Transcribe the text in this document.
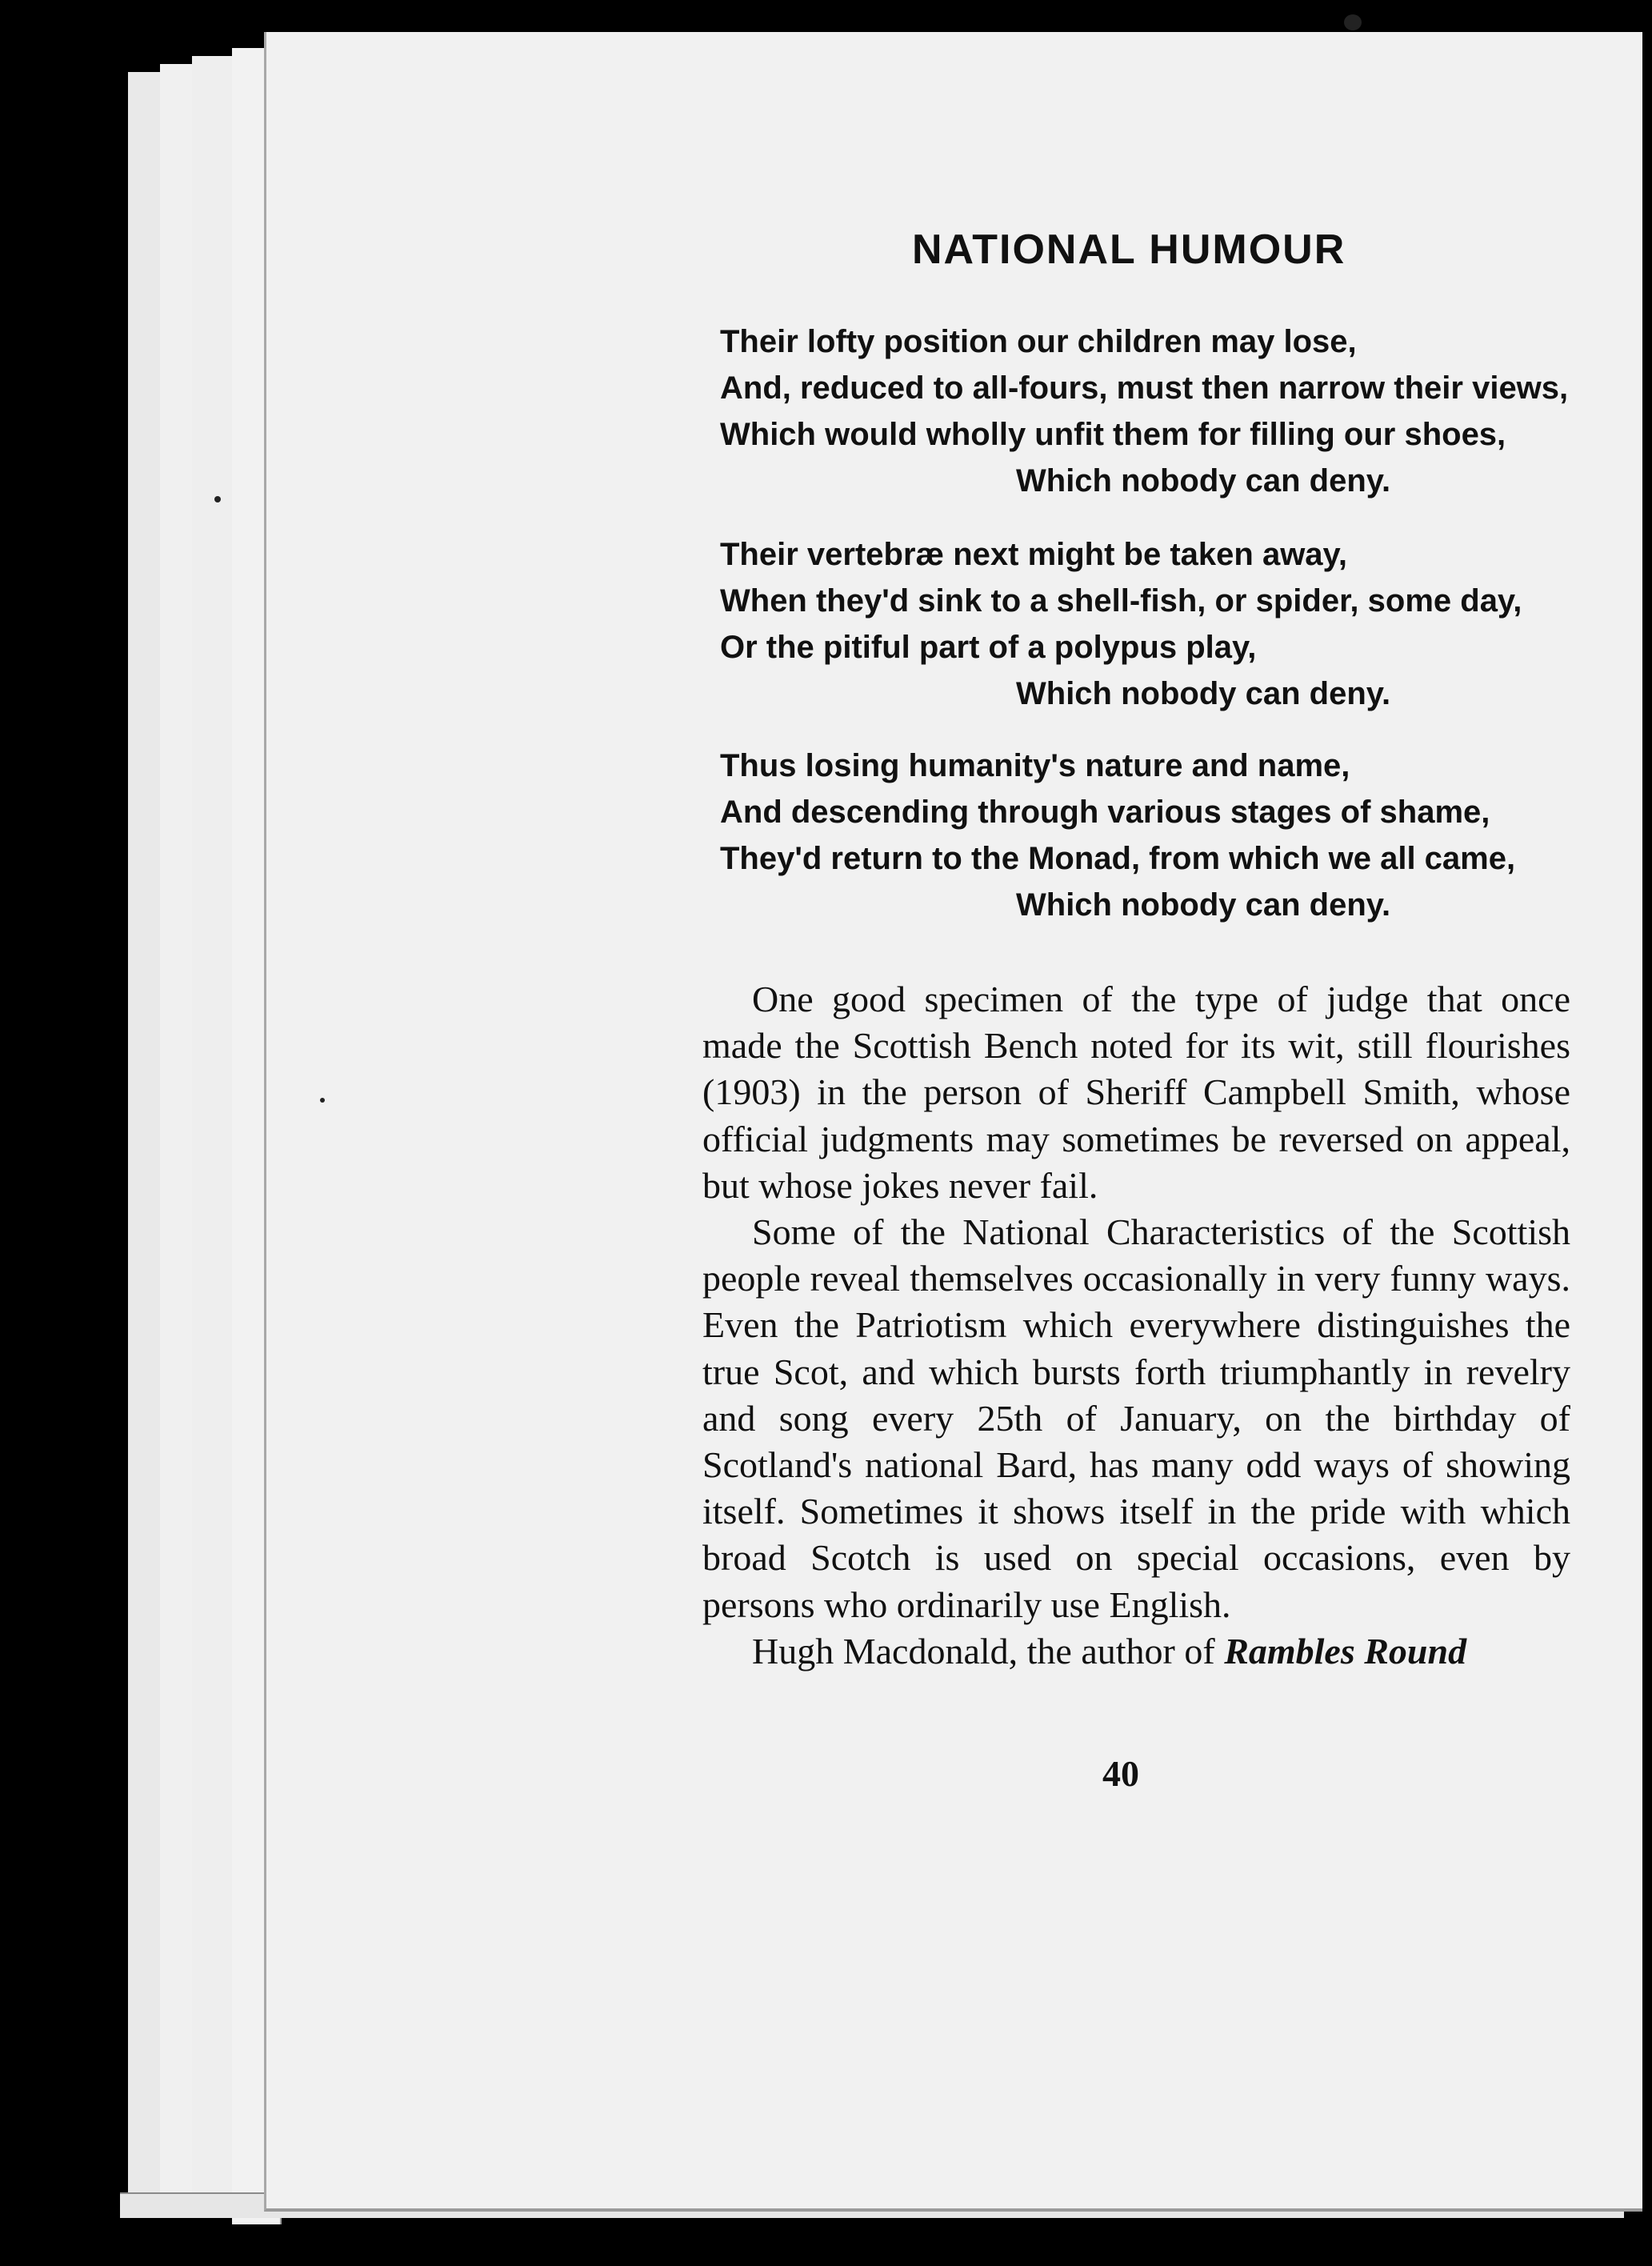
NATIONAL HUMOUR
Their lofty position our children may lose,
And, reduced to all-fours, must then narrow their views,
Which would wholly unfit them for filling our shoes,
Which nobody can deny.
Their vertebræ next might be taken away,
When they'd sink to a shell-fish, or spider, some day,
Or the pitiful part of a polypus play,
Which nobody can deny.
Thus losing humanity's nature and name,
And descending through various stages of shame,
They'd return to the Monad, from which we all came,
Which nobody can deny.

One good specimen of the type of judge that once made the Scottish Bench noted for its wit, still flourishes (1903) in the person of Sheriff Campbell Smith, whose official judgments may sometimes be reversed on appeal, but whose jokes never fail.

Some of the National Characteristics of the Scottish people reveal themselves occasionally in very funny ways. Even the Patriotism which everywhere distinguishes the true Scot, and which bursts forth triumphantly in revelry and song every 25th of January, on the birthday of Scotland's national Bard, has many odd ways of showing itself. Sometimes it shows itself in the pride with which broad Scotch is used on special occasions, even by persons who ordinarily use English.

Hugh Macdonald, the author of Rambles Round

40
